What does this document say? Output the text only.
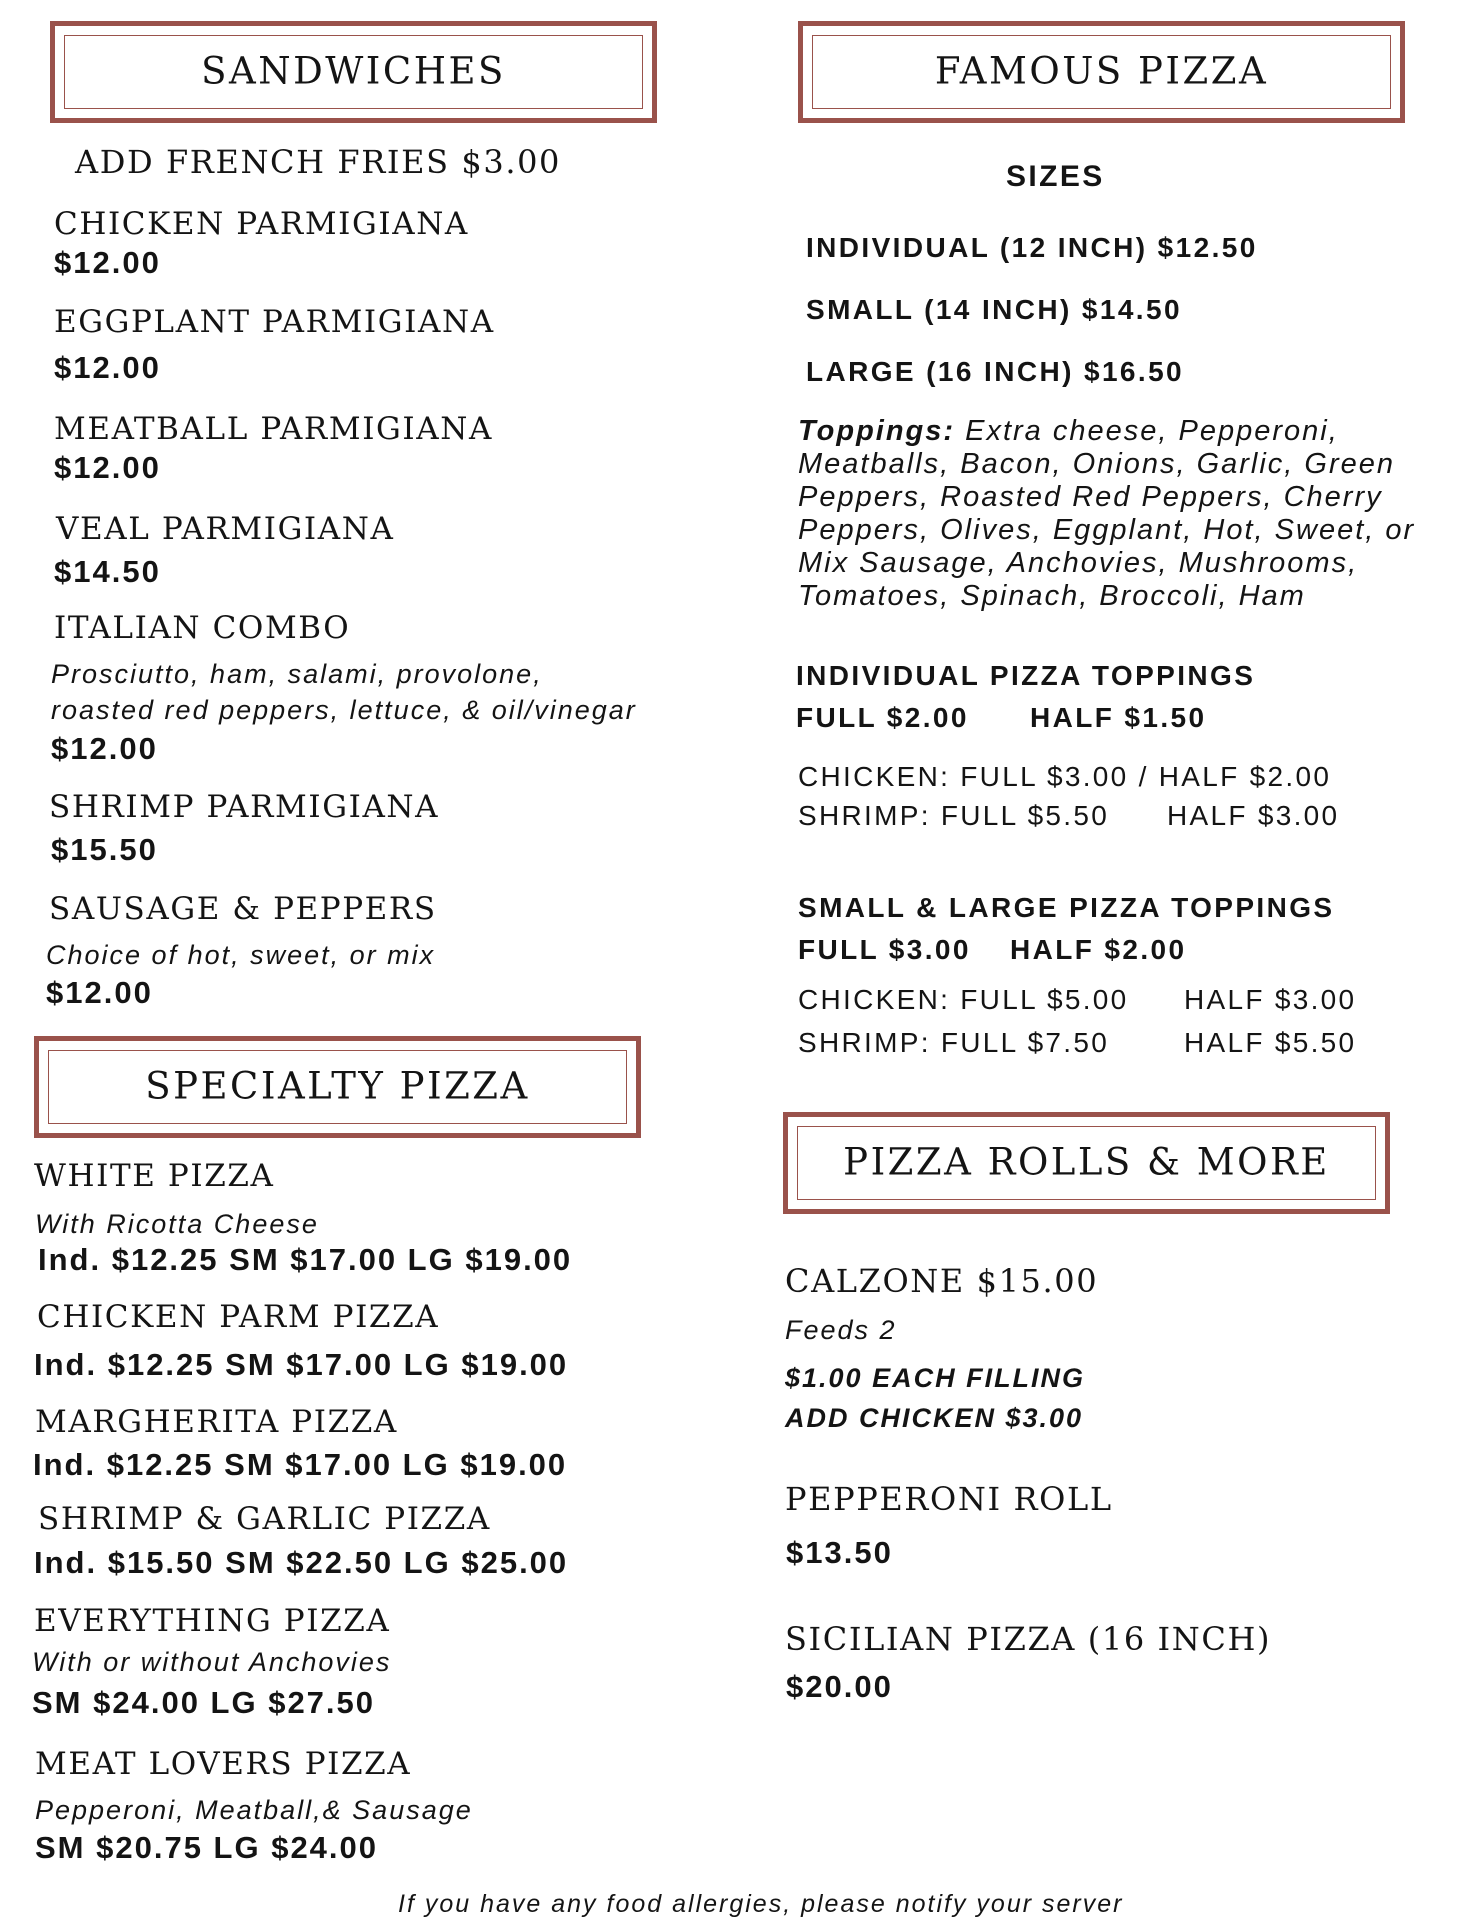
SANDWICHES
ADD FRENCH FRIES $3.00
CHICKEN PARMIGIANA
$12.00
EGGPLANT PARMIGIANA
$12.00
MEATBALL PARMIGIANA
$12.00
VEAL PARMIGIANA
$14.50
ITALIAN COMBO
Prosciutto, ham, salami, provolone,
roasted red peppers, lettuce, & oil/vinegar
$12.00
SHRIMP PARMIGIANA
$15.50
SAUSAGE & PEPPERS
Choice of hot, sweet, or mix
$12.00
SPECIALTY PIZZA
WHITE PIZZA
With Ricotta Cheese
Ind. $12.25 SM $17.00 LG $19.00
CHICKEN PARM PIZZA
Ind. $12.25 SM $17.00 LG $19.00
MARGHERITA PIZZA
Ind. $12.25 SM $17.00 LG $19.00
SHRIMP & GARLIC PIZZA
Ind. $15.50 SM $22.50 LG $25.00
EVERYTHING PIZZA
With or without Anchovies
SM $24.00 LG $27.50
MEAT LOVERS PIZZA
Pepperoni, Meatball,& Sausage
SM $20.75 LG $24.00
FAMOUS PIZZA
SIZES
INDIVIDUAL (12 INCH) $12.50
SMALL (14 INCH) $14.50
LARGE (16 INCH) $16.50
Toppings: Extra cheese, Pepperoni, Meatballs, Bacon, Onions, Garlic, Green Peppers, Roasted Red Peppers, Cherry Peppers, Olives, Eggplant, Hot, Sweet, or Mix Sausage, Anchovies, Mushrooms, Tomatoes, Spinach, Broccoli, Ham
INDIVIDUAL PIZZA TOPPINGS
FULL $2.00 HALF $1.50
CHICKEN: FULL $3.00 / HALF $2.00
SHRIMP: FULL $5.50 HALF $3.00
SMALL & LARGE PIZZA TOPPINGS
FULL $3.00 HALF $2.00
CHICKEN: FULL $5.00 HALF $3.00
SHRIMP: FULL $7.50	HALF $5.50
PIZZA ROLLS & MORE
CALZONE $15.00
Feeds 2
$1.00 EACH FILLING
ADD CHICKEN $3.00
PEPPERONI ROLL
$13.50
SICILIAN PIZZA (16 INCH)
$20.00
If you have any food allergies, please notify your server
